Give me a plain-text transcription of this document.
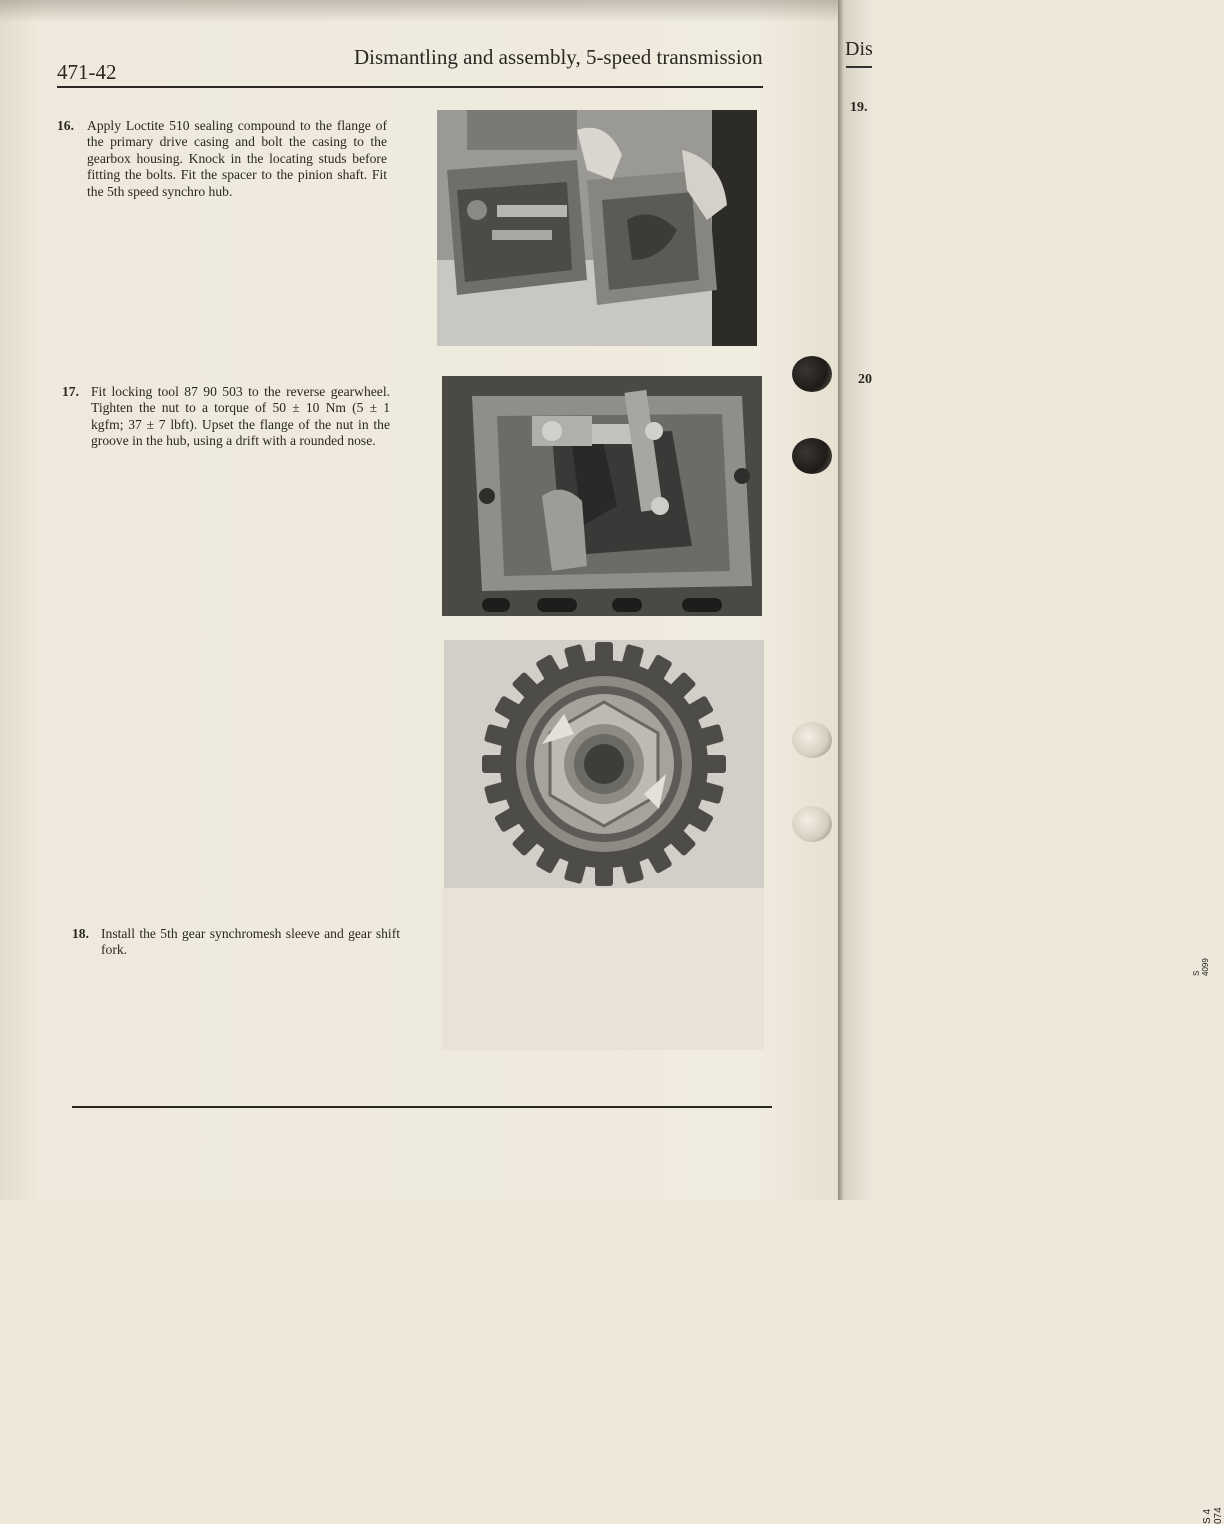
Dis
19.
20
471-42
Dismantling and assembly, 5-speed transmission
16. Apply Loctite 510 sealing compound to the flange of the primary drive casing and bolt the casing to the gearbox housing. Knock in the locating studs before fitting the bolts. Fit the spacer to the pinion shaft. Fit the 5th speed synchro hub.
17. Fit locking tool 87 90 503 to the reverse gearwheel. Tighten the nut to a torque of 50 ± 10 Nm (5 ± 1 kgfm; 37 ± 7 lbft). Upset the flange of the nut in the groove in the hub, using a drift with a rounded nose.
18. Install the 5th gear synchromesh sleeve and gear shift fork.
S 4099
S 4 074
